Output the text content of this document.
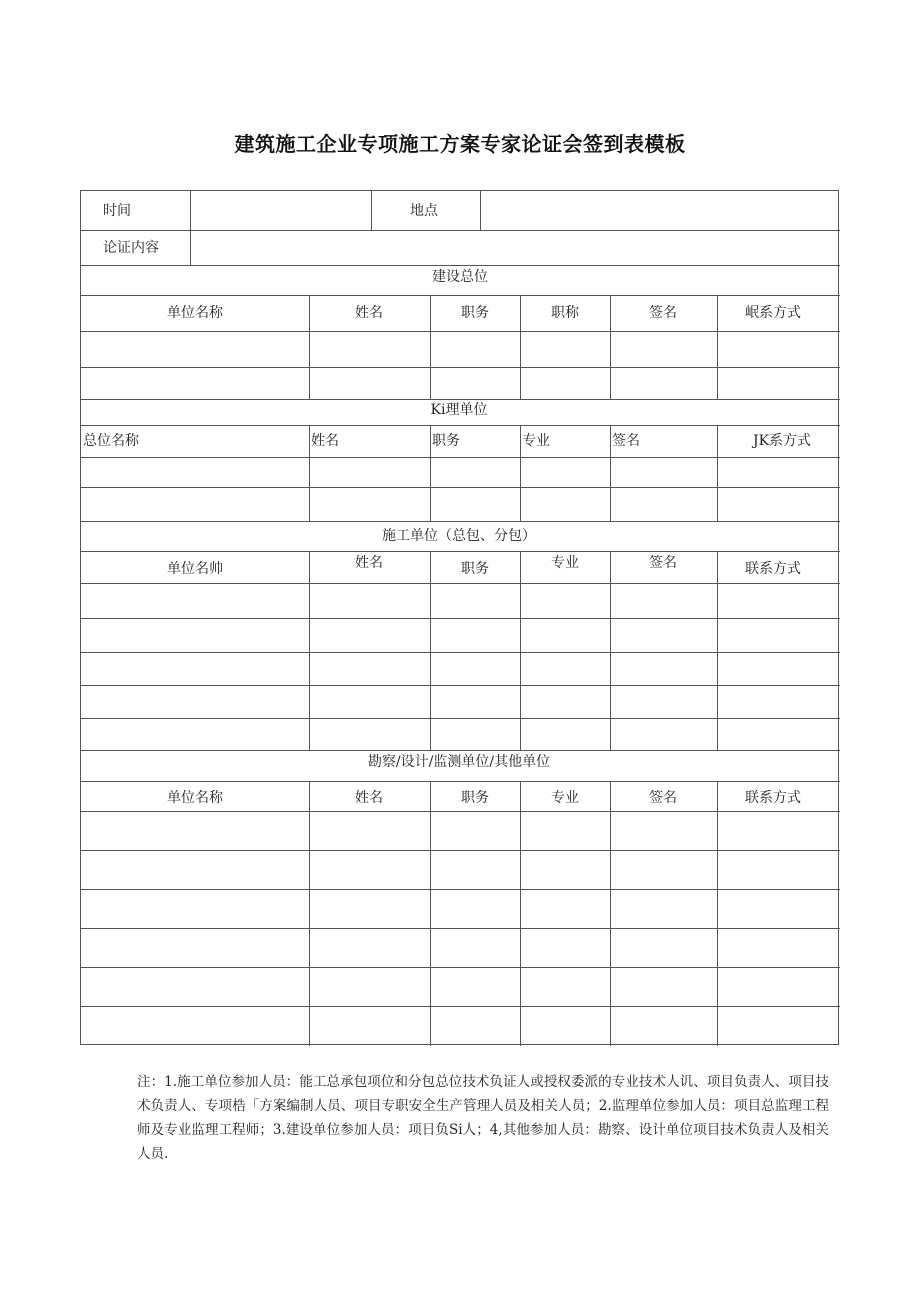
建筑施工企业专项施工方案专家论证会签到表模板
时间	地点
论证内容
建设总位
单位名称	姓名	职务	职称	签名	岷系方式
Ki理单位
总位名称	姓名	职务	专业	签名	JK系方式
施工单位（总包、分包）
单位名帅	姓名	职务	专业	签名	联系方式
勘察/设计/监测单位/其他单位
单位名称	姓名	职务	专业	签名	联系方式
注：1.施工单位参加人员：能工总承包项位和分包总位技术负证人或授权委派的专业技术人讥、项目负责人、项目技术负责人、专项梏「方案编制人员、项目专职安全生产管理人员及相关人员；2.监理单位参加人员：项目总监理工程师及专业监理工程师；3.建设单位参加人员：项日负Si人；4,其他参加人员：勘察、设计单位项目技术负责人及相关人员.
